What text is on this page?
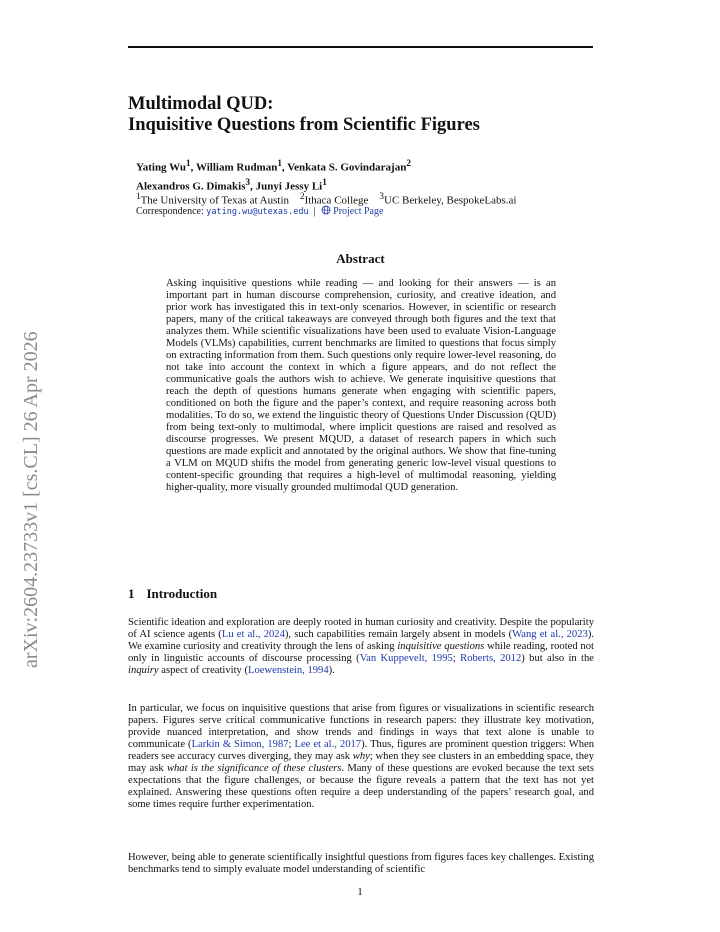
arXiv:2604.23733v1 [cs.CL] 26 Apr 2026
Multimodal QUD:
Inquisitive Questions from Scientific Figures
Yating Wu$^1$, William Rudman$^1$, Venkata S. Govindarajan$^2$
Alexandros G. Dimakis$^3$, Junyi Jessy Li$^1$
$^1$The University of Texas at Austin $^2$Ithaca College $^3$UC Berkeley, BespokeLabs.ai
Correspondence: yating.wu@utexas.edu  |   Project Page
Abstract
Asking inquisitive questions while reading — and looking for their answers — is an important part in human discourse comprehension, curiosity, and creative ideation, and prior work has investigated this in text-only scenarios. However, in scientific or research papers, many of the critical takeaways are conveyed through both figures and the text that analyzes them. While scientific visualizations have been used to evaluate Vision-Language Models (VLMs) capabilities, current benchmarks are limited to questions that focus simply on extracting information from them. Such questions only require lower-level reasoning, do not take into account the context in which a figure appears, and do not reflect the communicative goals the authors wish to achieve. We generate inquisitive questions that reach the depth of questions humans generate when engaging with scientific papers, conditioned on both the figure and the paper’s context, and require reasoning across both modalities. To do so, we extend the linguistic theory of Questions Under Discussion (QUD) from being text-only to multimodal, where implicit questions are raised and resolved as discourse progresses. We present MQUD, a dataset of research papers in which such questions are made explicit and annotated by the original authors. We show that fine-tuning a VLM on MQUD shifts the model from generating generic low-level visual questions to content-specific grounding that requires a high-level of multimodal reasoning, yielding higher-quality, more visually grounded multimodal QUD generation.
1 Introduction
Scientific ideation and exploration are deeply rooted in human curiosity and creativity. Despite the popularity of AI science agents (Lu et al., 2024), such capabilities remain largely absent in models (Wang et al., 2023). We examine curiosity and creativity through the lens of asking inquisitive questions while reading, rooted not only in linguistic accounts of discourse processing (Van Kuppevelt, 1995; Roberts, 2012) but also in the inquiry aspect of creativity (Loewenstein, 1994).
In particular, we focus on inquisitive questions that arise from figures or visualizations in scientific research papers. Figures serve critical communicative functions in research papers: they illustrate key motivation, provide nuanced interpretation, and show trends and findings in ways that text alone is unable to communicate (Larkin & Simon, 1987; Lee et al., 2017). Thus, figures are prominent question triggers: When readers see accuracy curves diverging, they may ask why; when they see clusters in an embedding space, they may ask what is the significance of these clusters. Many of these questions are evoked because the text sets expectations that the figure challenges, or because the figure reveals a pattern that the text has not yet explained. Answering these questions often require a deep understanding of the papers’ research goal, and some times require further experimentation.
However, being able to generate scientifically insightful questions from figures faces key challenges. Existing benchmarks tend to simply evaluate model understanding of scientific
1
